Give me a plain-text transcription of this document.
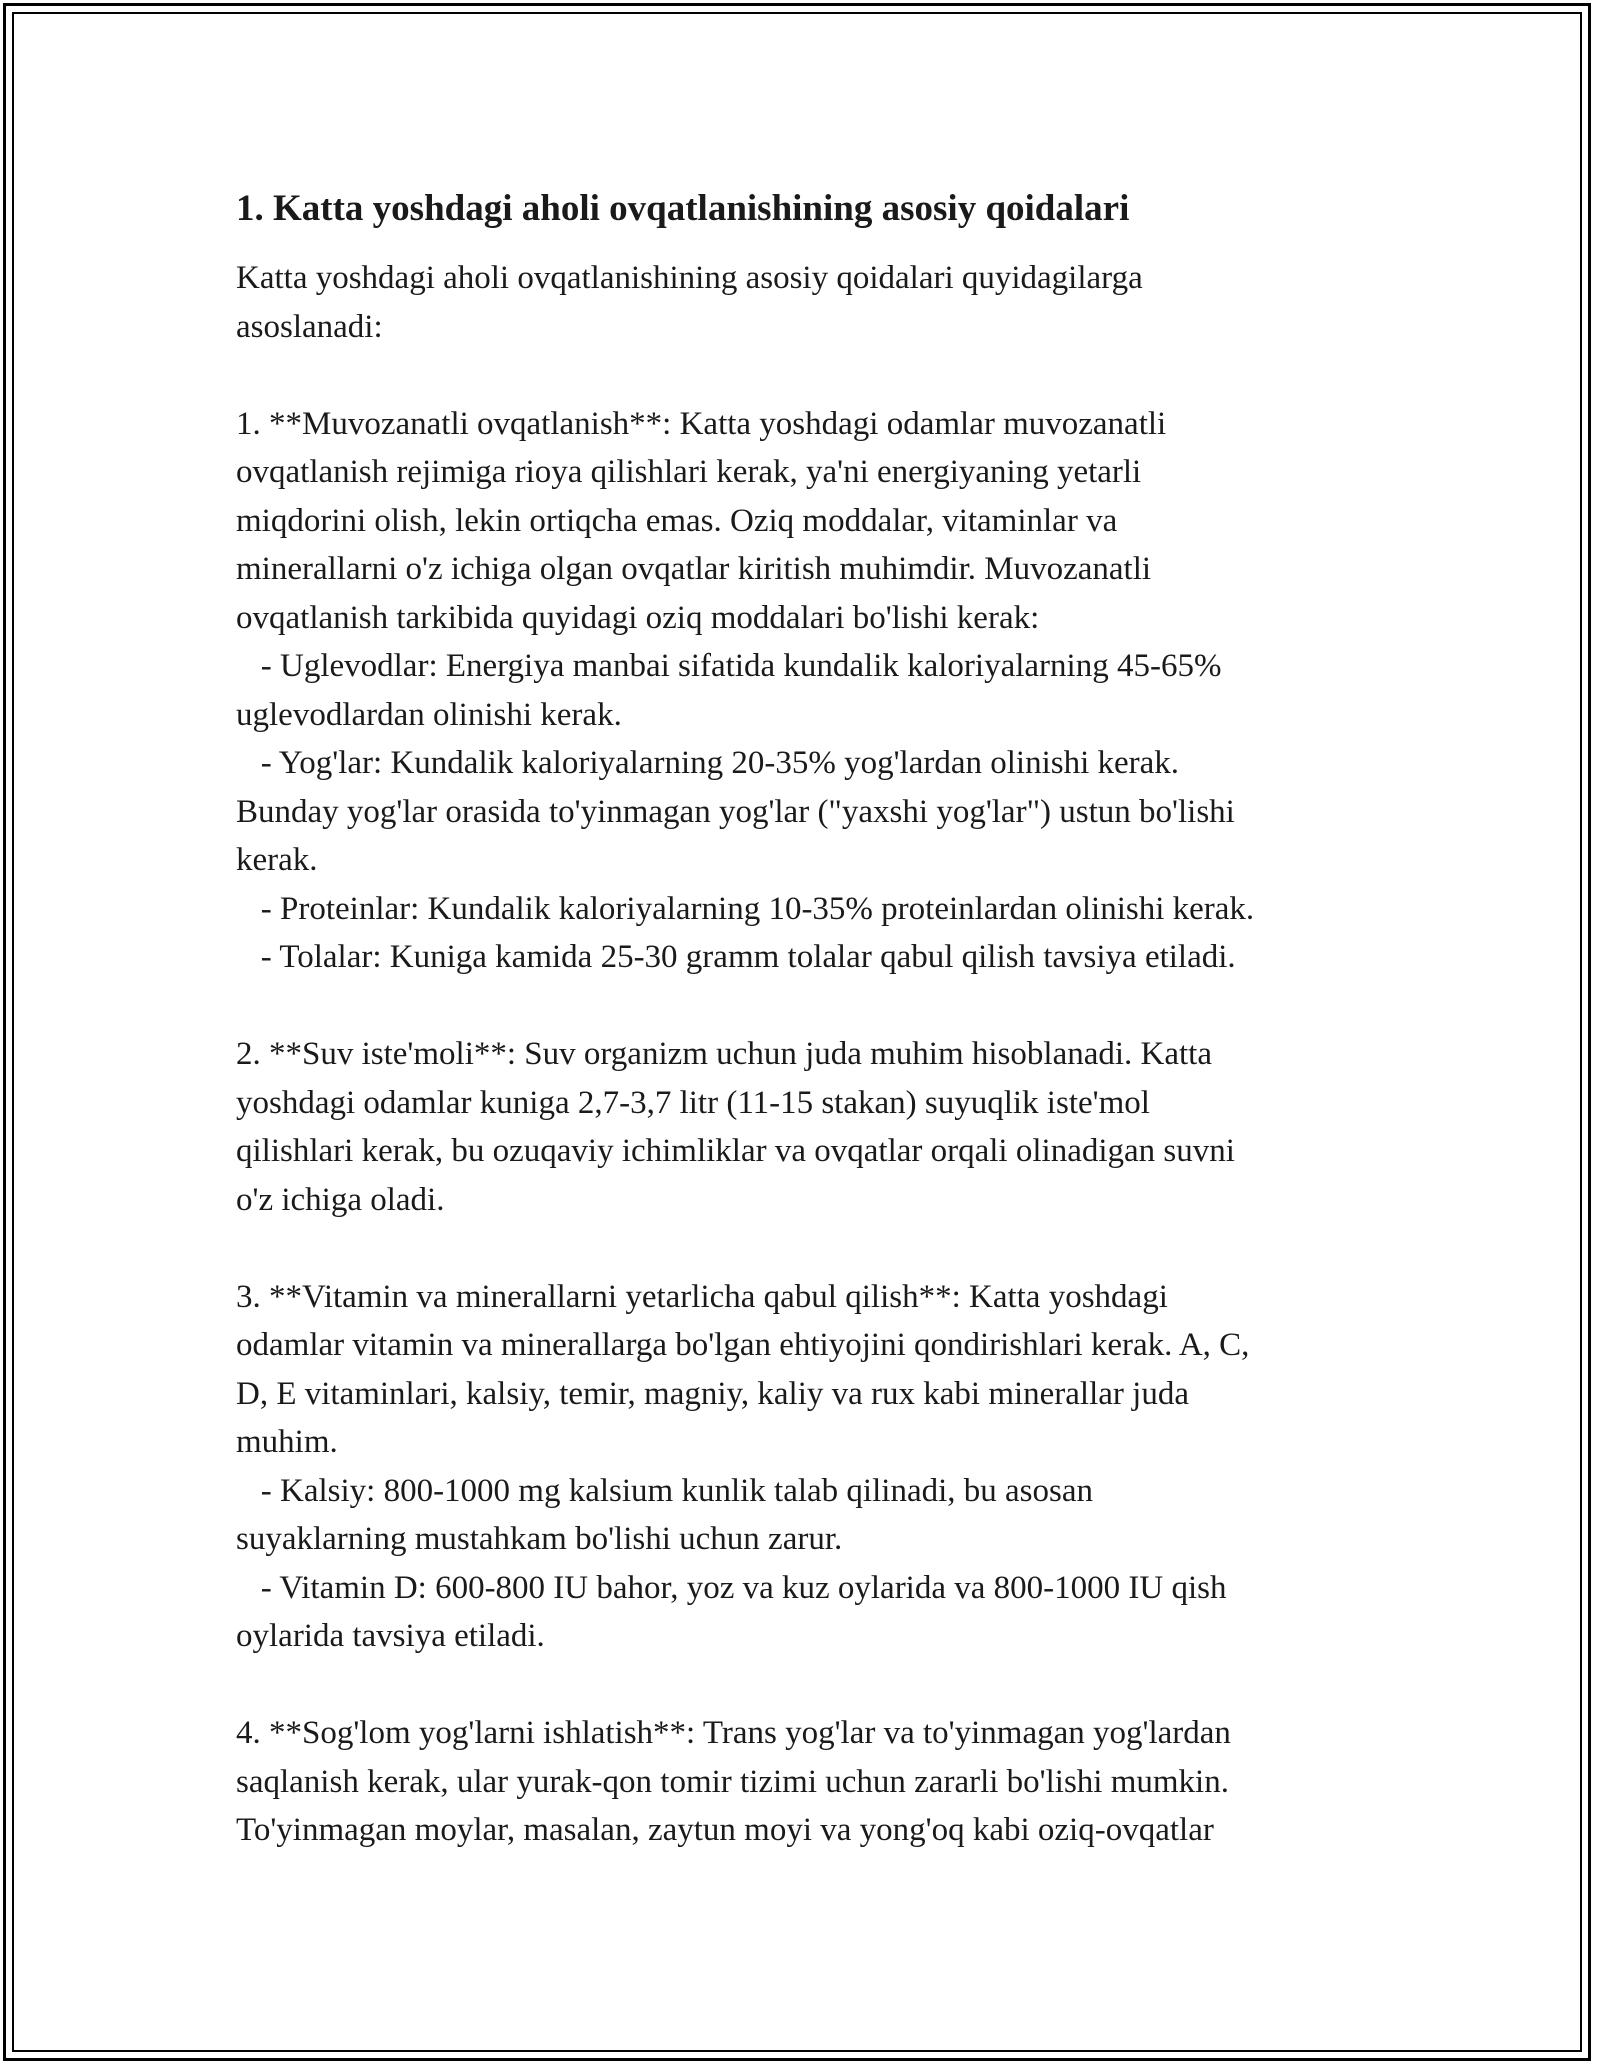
1. Katta yoshdagi aholi ovqatlanishining asosiy qoidalari
Katta yoshdagi aholi ovqatlanishining asosiy qoidalari quyidagilarga
asoslanadi:

1. **Muvozanatli ovqatlanish**: Katta yoshdagi odamlar muvozanatli
ovqatlanish rejimiga rioya qilishlari kerak, ya'ni energiyaning yetarli
miqdorini olish, lekin ortiqcha emas. Oziq moddalar, vitaminlar va
minerallarni o'z ichiga olgan ovqatlar kiritish muhimdir. Muvozanatli
ovqatlanish tarkibida quyidagi oziq moddalari bo'lishi kerak:
- Uglevodlar: Energiya manbai sifatida kundalik kaloriyalarning 45-65%
uglevodlardan olinishi kerak.
- Yog'lar: Kundalik kaloriyalarning 20-35% yog'lardan olinishi kerak.
Bunday yog'lar orasida to'yinmagan yog'lar ("yaxshi yog'lar") ustun bo'lishi
kerak.
- Proteinlar: Kundalik kaloriyalarning 10-35% proteinlardan olinishi kerak.
- Tolalar: Kuniga kamida 25-30 gramm tolalar qabul qilish tavsiya etiladi.

2. **Suv iste'moli**: Suv organizm uchun juda muhim hisoblanadi. Katta
yoshdagi odamlar kuniga 2,7-3,7 litr (11-15 stakan) suyuqlik iste'mol
qilishlari kerak, bu ozuqaviy ichimliklar va ovqatlar orqali olinadigan suvni
o'z ichiga oladi.

3. **Vitamin va minerallarni yetarlicha qabul qilish**: Katta yoshdagi
odamlar vitamin va minerallarga bo'lgan ehtiyojini qondirishlari kerak. A, C,
D, E vitaminlari, kalsiy, temir, magniy, kaliy va rux kabi minerallar juda
muhim.
- Kalsiy: 800-1000 mg kalsium kunlik talab qilinadi, bu asosan
suyaklarning mustahkam bo'lishi uchun zarur.
- Vitamin D: 600-800 IU bahor, yoz va kuz oylarida va 800-1000 IU qish
oylarida tavsiya etiladi.

4. **Sog'lom yog'larni ishlatish**: Trans yog'lar va to'yinmagan yog'lardan
saqlanish kerak, ular yurak-qon tomir tizimi uchun zararli bo'lishi mumkin.
To'yinmagan moylar, masalan, zaytun moyi va yong'oq kabi oziq-ovqatlar
